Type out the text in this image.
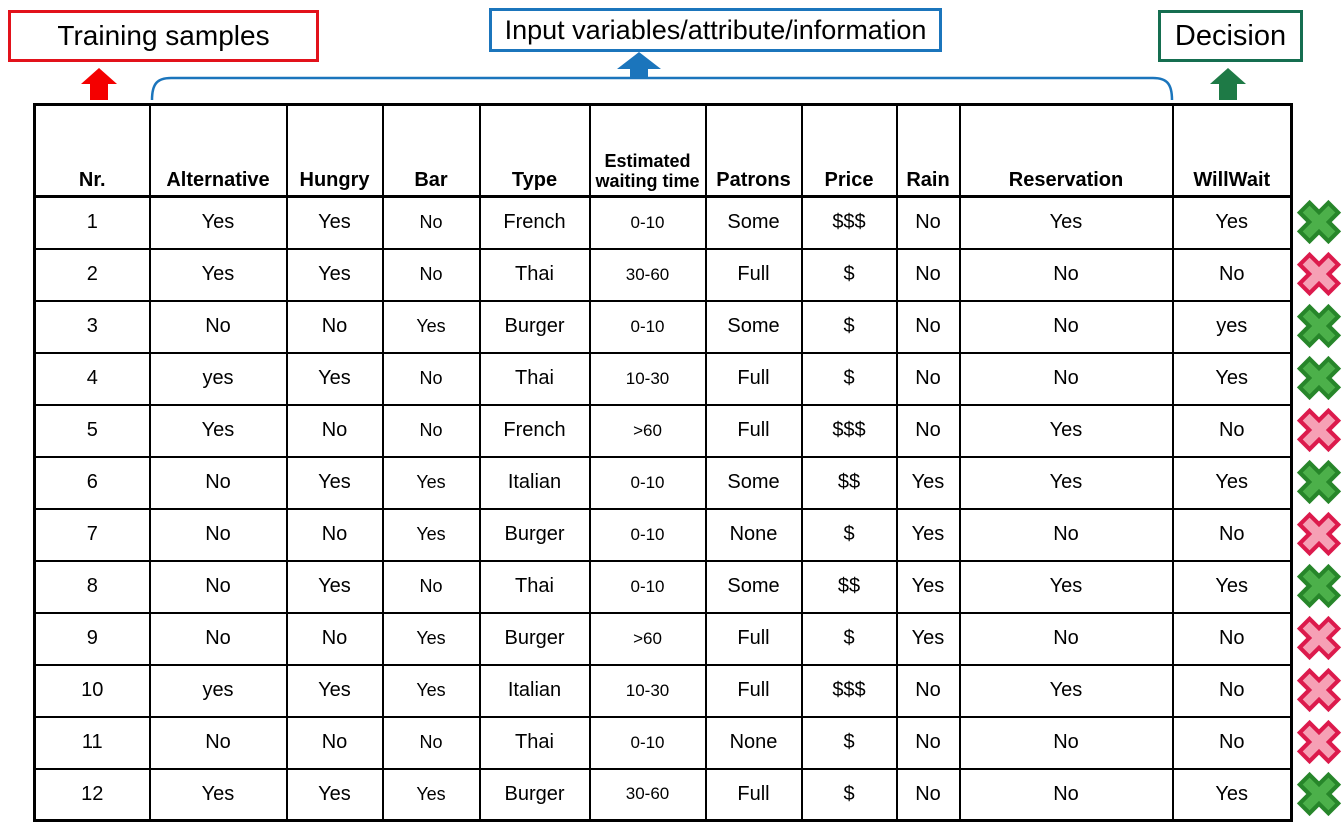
Training samples	Input variables/attribute/information	Decision
Nr.	Alternative	Hungry	Bar	Type	Estimated waiting time	Patrons	Price	Rain	Reservation	WillWait
1	Yes	Yes	No	French	0-10	Some	$$$	No	Yes	Yes
2	Yes	Yes	No	Thai	30-60	Full	$	No	No	No
3	No	No	Yes	Burger	0-10	Some	$	No	No	yes
4	yes	Yes	No	Thai	10-30	Full	$	No	No	Yes
5	Yes	No	No	French	>60	Full	$$$	No	Yes	No
6	No	Yes	Yes	Italian	0-10	Some	$$	Yes	Yes	Yes
7	No	No	Yes	Burger	0-10	None	$	Yes	No	No
8	No	Yes	No	Thai	0-10	Some	$$	Yes	Yes	Yes
9	No	No	Yes	Burger	>60	Full	$	Yes	No	No
10	yes	Yes	Yes	Italian	10-30	Full	$$$	No	Yes	No
11	No	No	No	Thai	0-10	None	$	No	No	No
12	Yes	Yes	Yes	Burger	30-60	Full	$	No	No	Yes
